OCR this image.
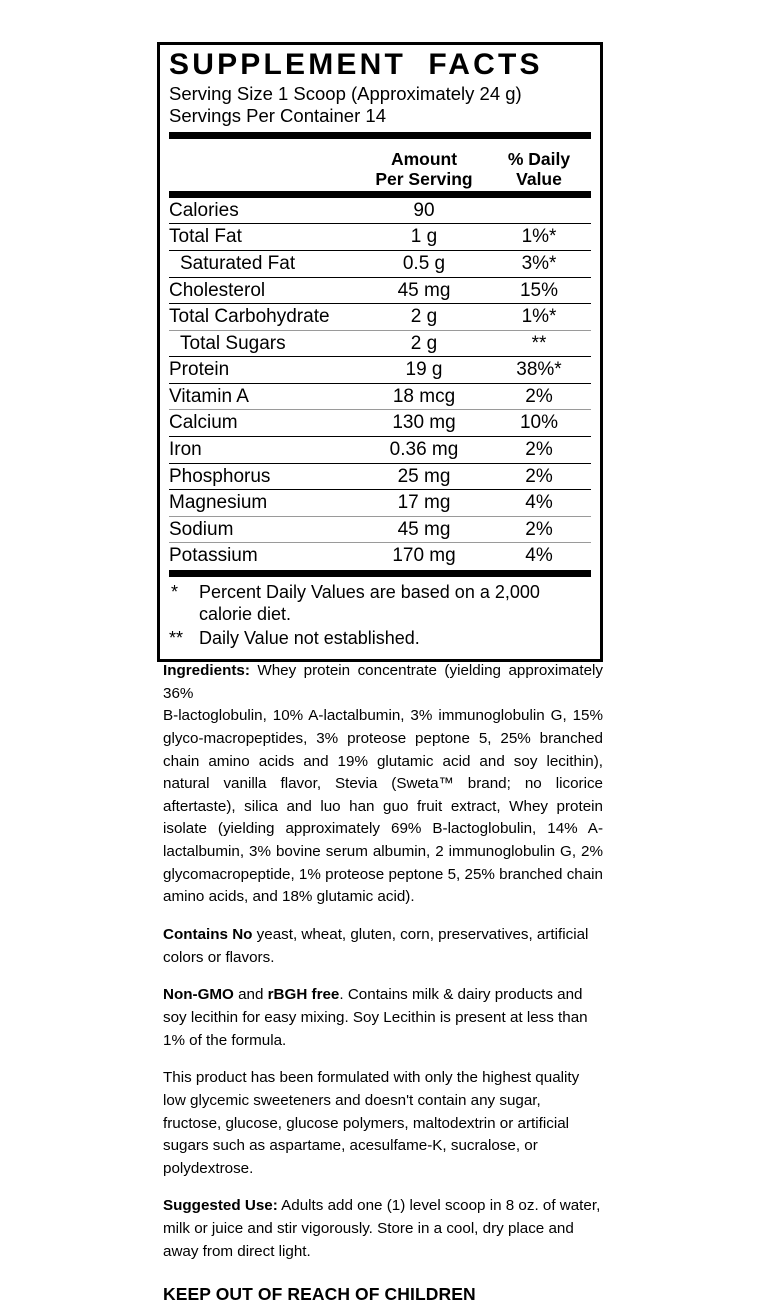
SUPPLEMENT FACTS
Serving Size 1 Scoop (Approximately 24 g)
Servings Per Container 14
Amount
Per Serving
% Daily
Value
Calories	90
Total Fat	1 g	1%*
Saturated Fat	0.5 g	3%*
Cholesterol	45 mg	15%
Total Carbohydrate	2 g	1%*
Total Sugars	2 g	**
Protein	19 g	38%*
Vitamin A	18 mcg	2%
Calcium	130 mg	10%
Iron	0.36 mg	2%
Phosphorus	25 mg	2%
Magnesium	17 mg	4%
Sodium	45 mg	2%
Potassium	170 mg	4%
*	Percent Daily Values are based on a 2,000 calorie diet.
** Daily Value not established.

Ingredients: Whey protein concentrate (yielding approximately 36%
B-lactoglobulin, 10% A-lactalbumin, 3% immunoglobulin G, 15% glyco-macropeptides, 3% proteose peptone 5, 25% branched chain amino acids and 19% glutamic acid and soy lecithin), natural vanilla flavor, Stevia (Sweta™ brand; no licorice aftertaste), silica and luo han guo fruit extract, Whey protein isolate (yielding approximately 69% B-lactoglobulin, 14% A-lactalbumin, 3% bovine serum albumin, 2 immunoglobulin G, 2% glycomacropeptide, 1% proteose peptone 5, 25% branched chain amino acids, and 18% glutamic acid).

Contains No yeast, wheat, gluten, corn, preservatives, artificial colors or flavors.

Non-GMO and rBGH free. Contains milk & dairy products and soy lecithin for easy mixing. Soy Lecithin is present at less than 1% of the formula.

This product has been formulated with only the highest quality low glycemic sweeteners and doesn't contain any sugar, fructose, glucose, glucose polymers, maltodextrin or artificial sugars such as aspartame, acesulfame-K, sucralose, or polydextrose.

Suggested Use: Adults add one (1) level scoop in 8 oz. of water, milk or juice and stir vigorously. Store in a cool, dry place and away from direct light.

KEEP OUT OF REACH OF CHILDREN
